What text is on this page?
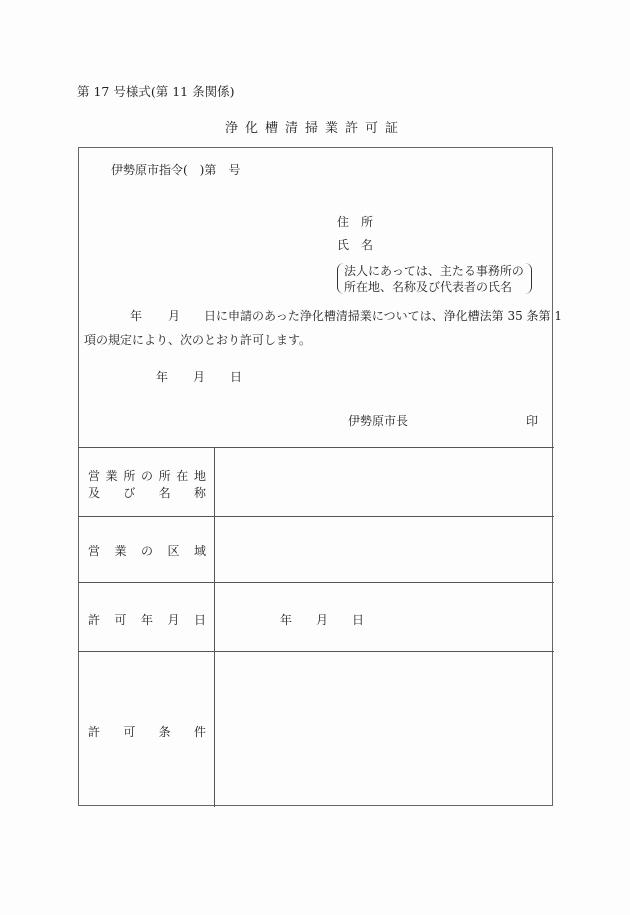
第 17 号様式(第 11 条関係)
浄化槽清掃業許可証
伊勢原市指令(　)第　号
住　所
氏　名
法人にあっては、主たる事務所の
所在地、名称及び代表者の氏名
年 月 日に申請のあった浄化槽清掃業については、浄化槽法第 35 条第 1
項の規定により、次のとおり許可します。
年 月 日
伊勢原市長	印
営 業 所 の 所 在 地
及 び 名 称
営 業 の 区 域
許 可 年 月 日	年 月 日
許 可 条 件
